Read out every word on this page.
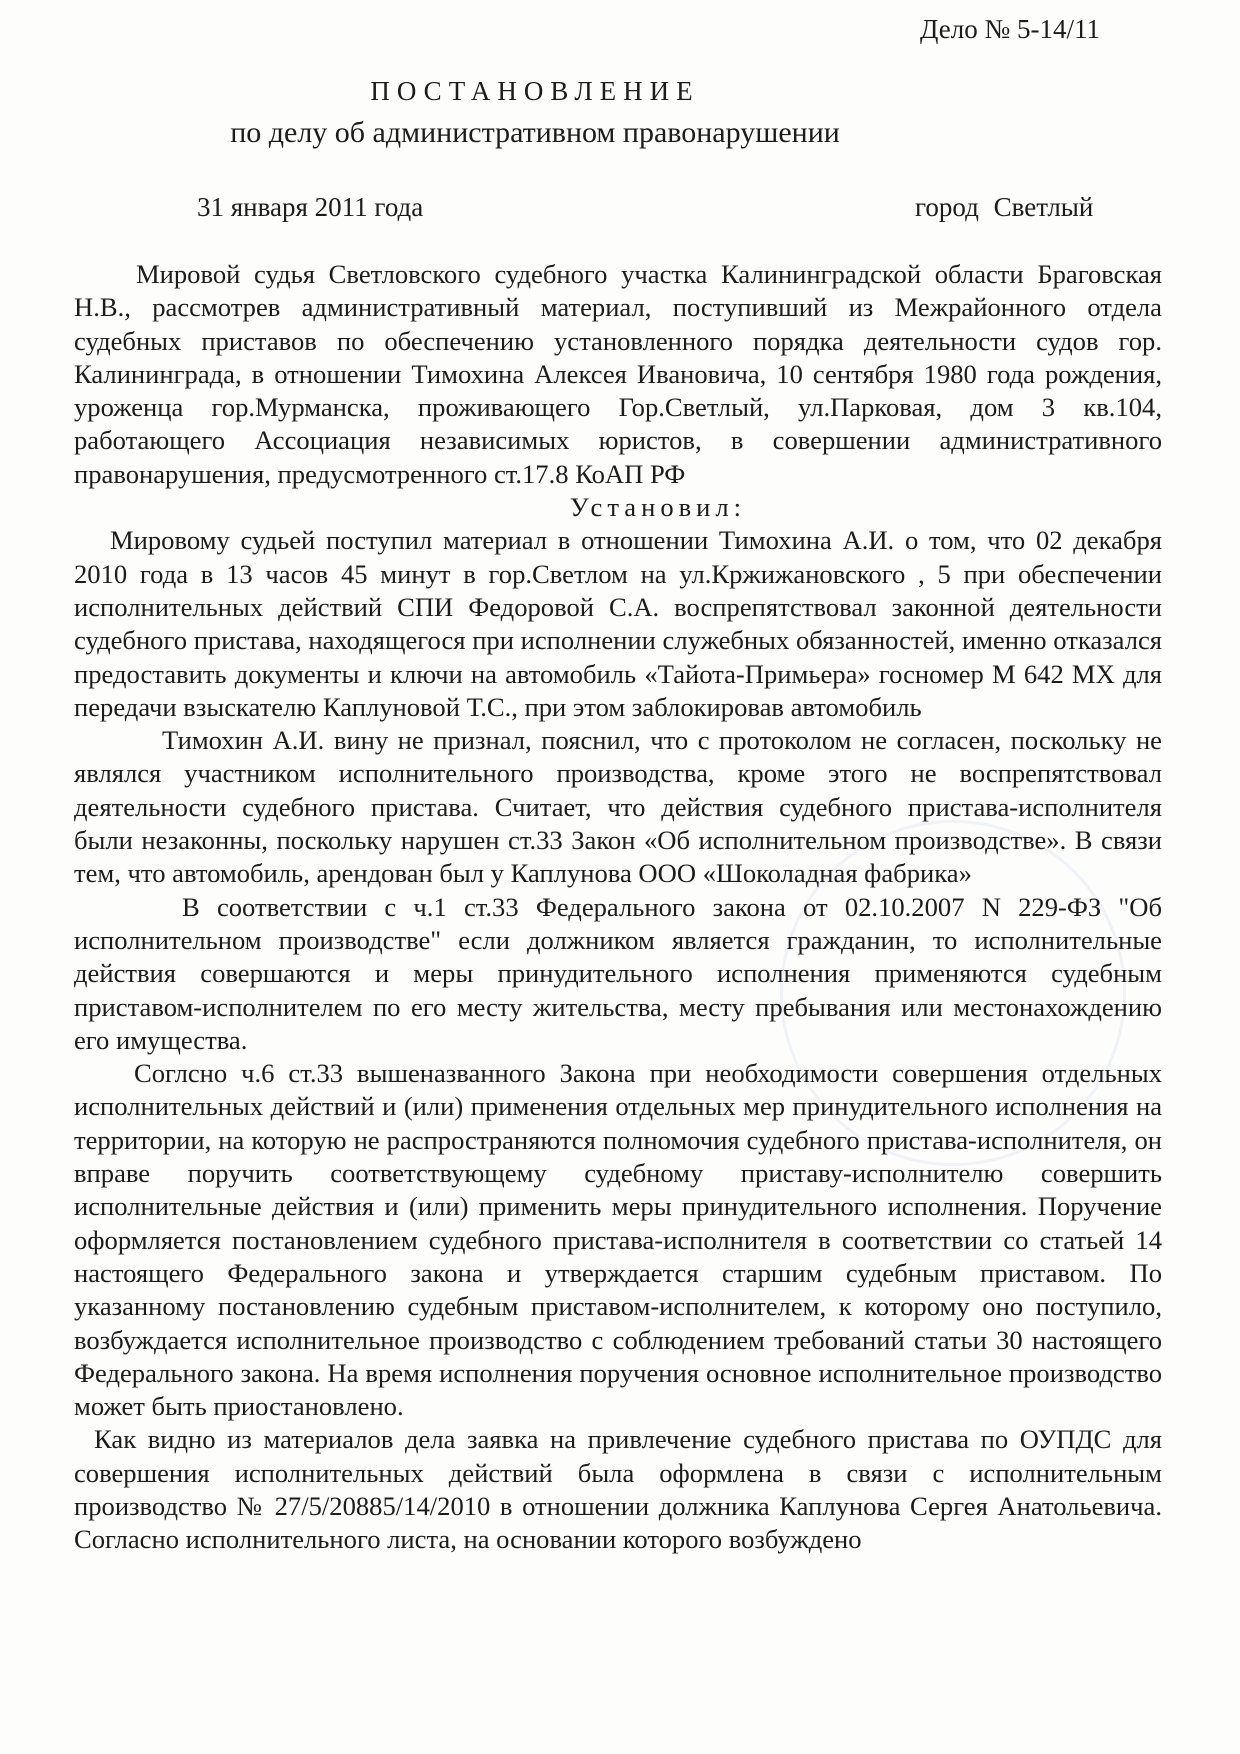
Дело № 5-14/11
ПОСТАНОВЛЕНИЕ
по делу об административном правонарушении
31 января 2011 года	город Светлый

Мировой судья Светловского судебного участка Калининградской области Браговская Н.В., рассмотрев административный материал, поступивший из Межрайонного отдела судебных приставов по обеспечению установленного порядка деятельности судов гор. Калининграда, в отношении Тимохина Алексея Ивановича, 10 сентября 1980 года рождения, уроженца гор.Мурманска, проживающего Гор.Светлый, ул.Парковая, дом 3 кв.104, работающего Ассоциация независимых юристов, в совершении административного правонарушения, предусмотренного ст.17.8 КоАП РФ

Установил:

Мировому судьей поступил материал в отношении Тимохина А.И. о том, что 02 декабря 2010 года в 13 часов 45 минут в гор.Светлом на ул.Кржижановского , 5 при обеспечении исполнительных действий СПИ Федоровой С.А. воспрепятствовал законной деятельности судебного пристава, находящегося при исполнении служебных обязанностей, именно отказался предоставить документы и ключи на автомобиль «Тайота-Примьера» госномер М 642 МХ для передачи взыскателю Каплуновой Т.С., при этом заблокировав автомобиль

Тимохин А.И. вину не признал, пояснил, что с протоколом не согласен, поскольку не являлся участником исполнительного производства, кроме этого не воспрепятствовал деятельности судебного пристава. Считает, что действия судебного пристава-исполнителя были незаконны, поскольку нарушен ст.33 Закон «Об исполнительном производстве». В связи тем, что автомобиль, арендован был у Каплунова ООО «Шоколадная фабрика»

В соответствии с ч.1 ст.33 Федерального закона от 02.10.2007 N 229-ФЗ "Об исполнительном производстве" если должником является гражданин, то исполнительные действия совершаются и меры принудительного исполнения применяются судебным приставом-исполнителем по его месту жительства, месту пребывания или местонахождению его имущества.

Соглсно ч.6 ст.33 вышеназванного Закона при необходимости совершения отдельных исполнительных действий и (или) применения отдельных мер принудительного исполнения на территории, на которую не распространяются полномочия судебного пристава-исполнителя, он вправе поручить соответствующему судебному приставу-исполнителю совершить исполнительные действия и (или) применить меры принудительного исполнения. Поручение оформляется постановлением судебного пристава-исполнителя в соответствии со статьей 14 настоящего Федерального закона и утверждается старшим судебным приставом. По указанному постановлению судебным приставом-исполнителем, к которому оно поступило, возбуждается исполнительное производство с соблюдением требований статьи 30 настоящего Федерального закона. На время исполнения поручения основное исполнительное производство может быть приостановлено.

Как видно из материалов дела заявка на привлечение судебного пристава по ОУПДС для совершения исполнительных действий была оформлена в связи с исполнительным производство № 27/5/20885/14/2010 в отношении должника Каплунова Сергея Анатольевича. Согласно исполнительного листа, на основании которого возбуждено
